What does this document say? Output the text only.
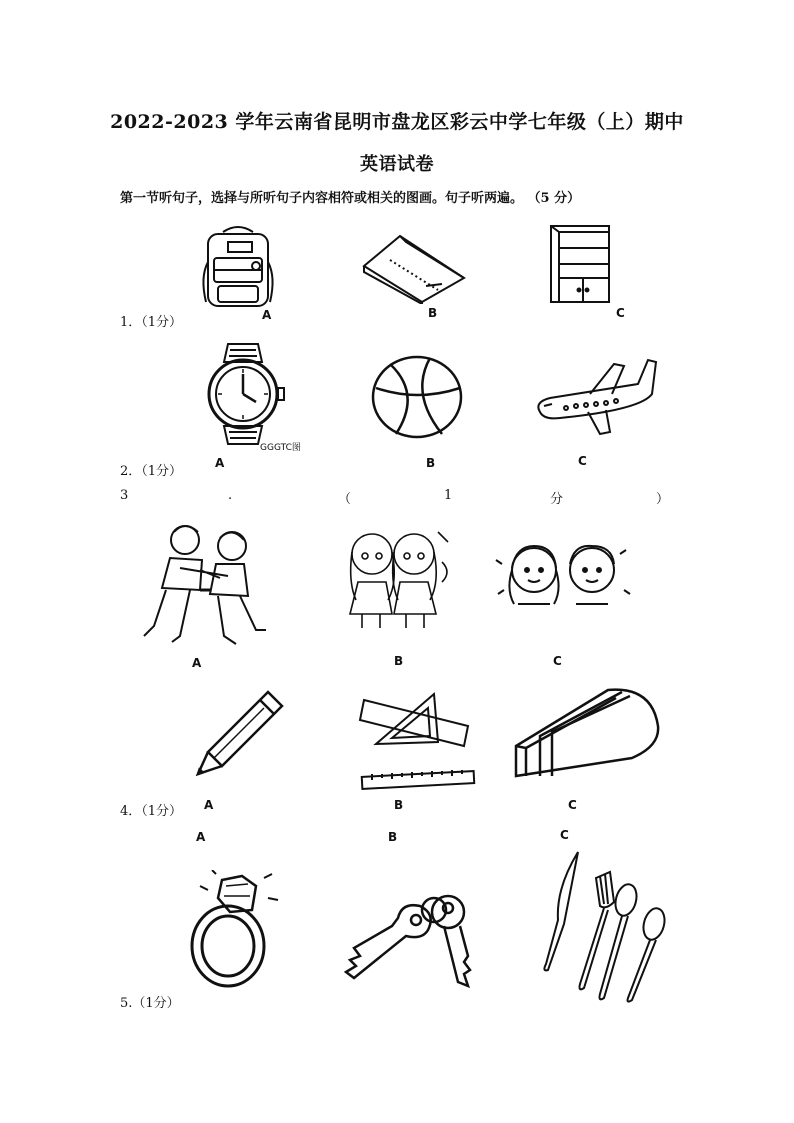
2022-2023 学年云南省昆明市盘龙区彩云中学七年级（上）期中
英语试卷
第一节听句子，选择与所听句子内容相符或相关的图画。句子听两遍。 （5 分）
1．（1分）	A	B	C
2．（1分）
A
GGGTC图
B	C
3	.	（	1	分	）
A	B	C
4．（1分） A	B	C
A	B	C
5.（1分）
